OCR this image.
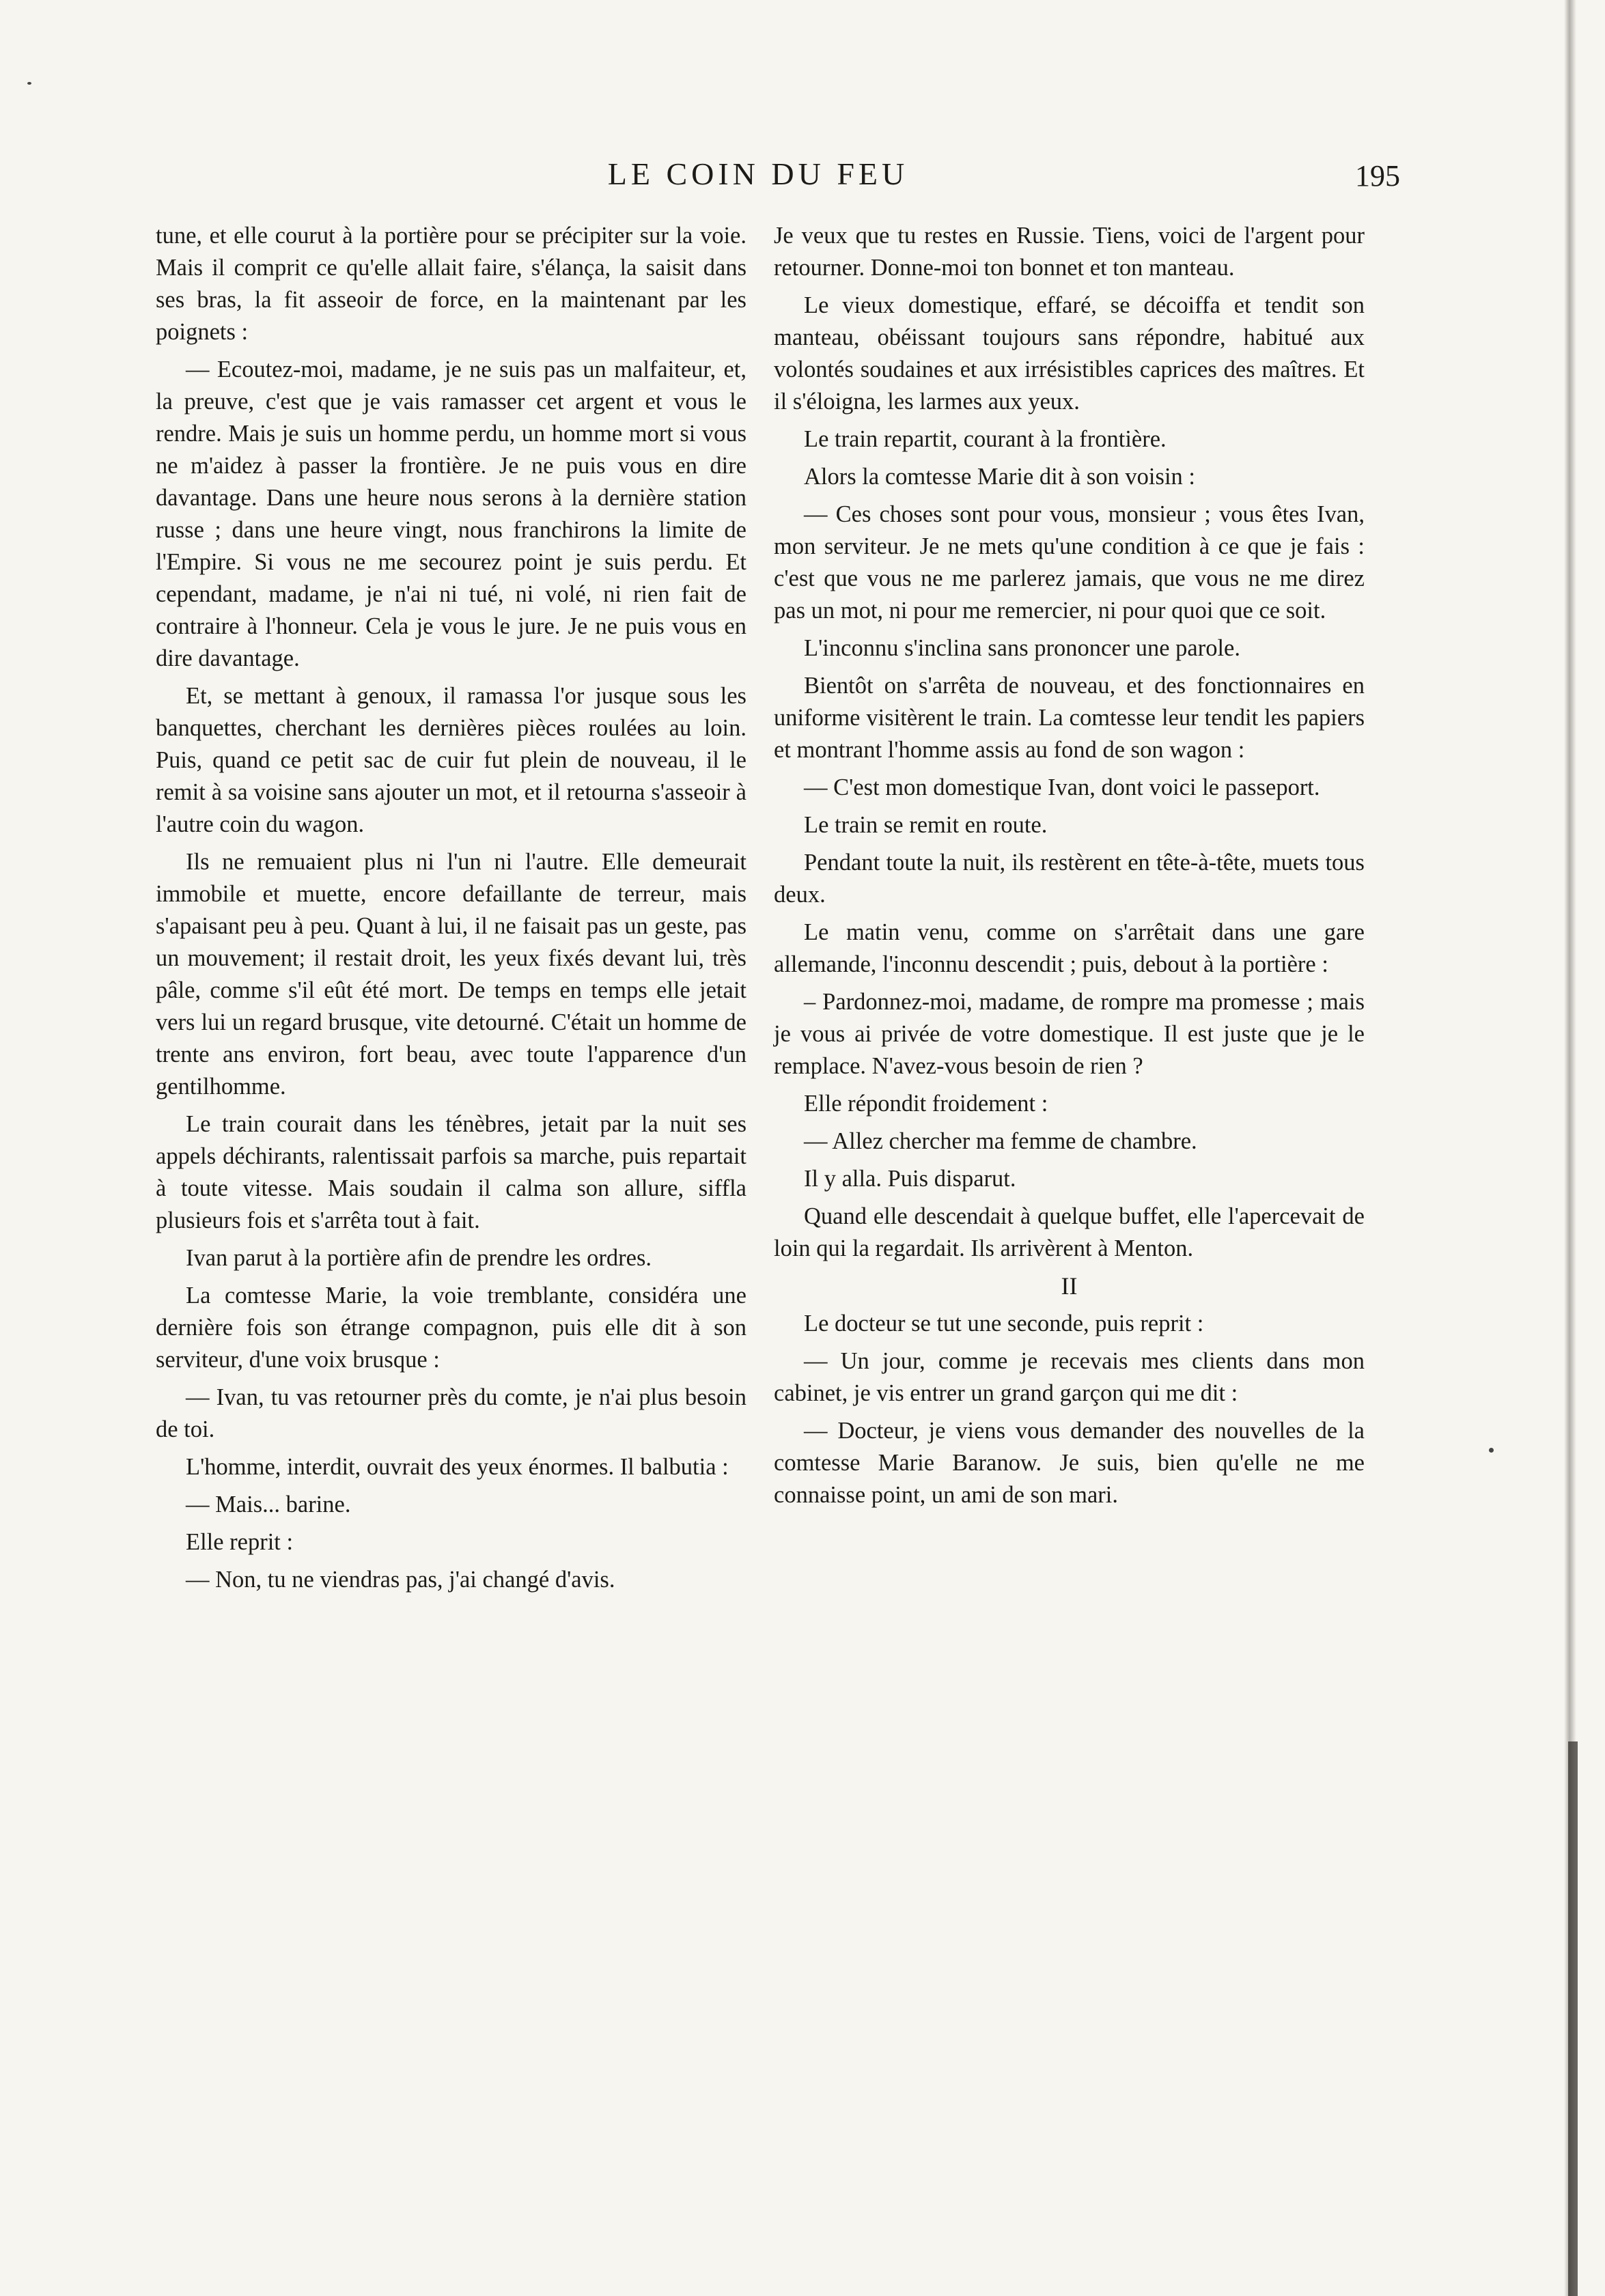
LE COIN DU FEU	195

tune, et elle courut à la portière pour se précipiter sur la voie. Mais il comprit ce qu'elle allait faire, s'élança, la saisit dans ses bras, la fit asseoir de force, en la maintenant par les poignets :

— Ecoutez-moi, madame, je ne suis pas un malfaiteur, et, la preuve, c'est que je vais ramasser cet argent et vous le rendre. Mais je suis un homme perdu, un homme mort si vous ne m'aidez à passer la frontière. Je ne puis vous en dire davantage. Dans une heure nous serons à la dernière station russe ; dans une heure vingt, nous franchirons la limite de l'Empire. Si vous ne me secourez point je suis perdu. Et cependant, madame, je n'ai ni tué, ni volé, ni rien fait de contraire à l'honneur. Cela je vous le jure. Je ne puis vous en dire davantage.

Et, se mettant à genoux, il ramassa l'or jusque sous les banquettes, cherchant les dernières pièces roulées au loin. Puis, quand ce petit sac de cuir fut plein de nouveau, il le remit à sa voisine sans ajouter un mot, et il retourna s'asseoir à l'autre coin du wagon.

Ils ne remuaient plus ni l'un ni l'autre. Elle demeurait immobile et muette, encore defaillante de terreur, mais s'apaisant peu à peu. Quant à lui, il ne faisait pas un geste, pas un mouvement; il restait droit, les yeux fixés devant lui, très pâle, comme s'il eût été mort. De temps en temps elle jetait vers lui un regard brusque, vite detourné. C'était un homme de trente ans environ, fort beau, avec toute l'apparence d'un gentilhomme.

Le train courait dans les ténèbres, jetait par la nuit ses appels déchirants, ralentissait parfois sa marche, puis repartait à toute vitesse. Mais soudain il calma son allure, siffla plusieurs fois et s'arrêta tout à fait.

Ivan parut à la portière afin de prendre les ordres.

La comtesse Marie, la voie tremblante, considéra une dernière fois son étrange compagnon, puis elle dit à son serviteur, d'une voix brusque :

— Ivan, tu vas retourner près du comte, je n'ai plus besoin de toi.

L'homme, interdit, ouvrait des yeux énormes. Il balbutia :

— Mais... barine.

Elle reprit :

— Non, tu ne viendras pas, j'ai changé d'avis.

Je veux que tu restes en Russie. Tiens, voici de l'argent pour retourner. Donne-moi ton bonnet et ton manteau.

Le vieux domestique, effaré, se décoiffa et tendit son manteau, obéissant toujours sans répondre, habitué aux volontés soudaines et aux irrésistibles caprices des maîtres. Et il s'éloigna, les larmes aux yeux.

Le train repartit, courant à la frontière.

Alors la comtesse Marie dit à son voisin :

— Ces choses sont pour vous, monsieur ; vous êtes Ivan, mon serviteur. Je ne mets qu'une condition à ce que je fais : c'est que vous ne me parlerez jamais, que vous ne me direz pas un mot, ni pour me remercier, ni pour quoi que ce soit.

L'inconnu s'inclina sans prononcer une parole.

Bientôt on s'arrêta de nouveau, et des fonctionnaires en uniforme visitèrent le train. La comtesse leur tendit les papiers et montrant l'homme assis au fond de son wagon :

— C'est mon domestique Ivan, dont voici le passeport.

Le train se remit en route.

Pendant toute la nuit, ils restèrent en tête-à-tête, muets tous deux.

Le matin venu, comme on s'arrêtait dans une gare allemande, l'inconnu descendit ; puis, debout à la portière :

– Pardonnez-moi, madame, de rompre ma promesse ; mais je vous ai privée de votre domestique. Il est juste que je le remplace. N'avez-vous besoin de rien ?

Elle répondit froidement :

— Allez chercher ma femme de chambre.

Il y alla. Puis disparut.

Quand elle descendait à quelque buffet, elle l'apercevait de loin qui la regardait. Ils arrivèrent à Menton.

II

Le docteur se tut une seconde, puis reprit :

— Un jour, comme je recevais mes clients dans mon cabinet, je vis entrer un grand garçon qui me dit :

— Docteur, je viens vous demander des nouvelles de la comtesse Marie Baranow. Je suis, bien qu'elle ne me connaisse point, un ami de son mari.
